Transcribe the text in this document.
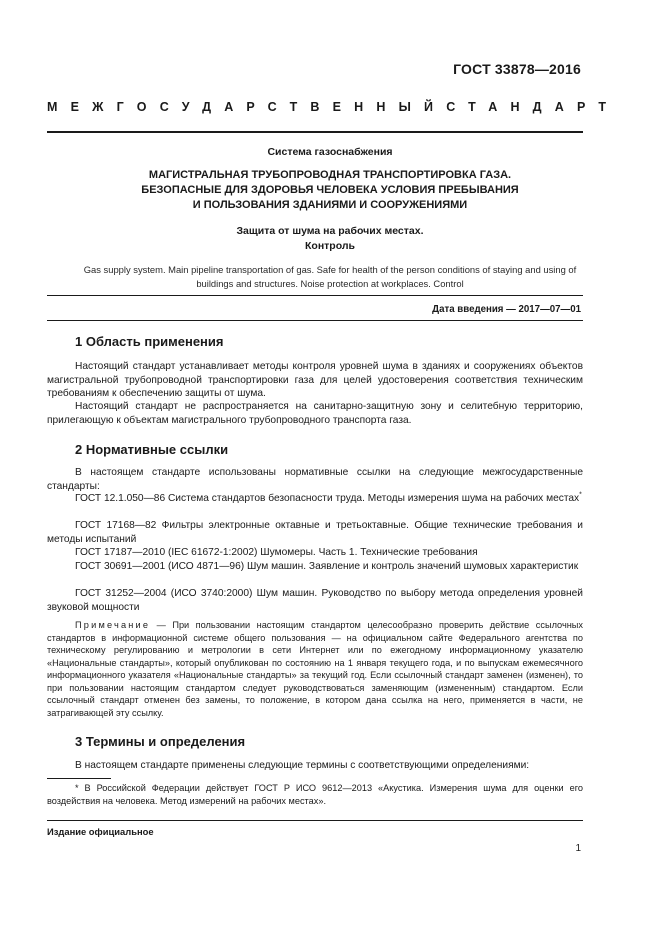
ГОСТ 33878—2016
МЕЖГОСУДАРСТВЕННЫЙ СТАНДАРТ
Система газоснабжения
МАГИСТРАЛЬНАЯ ТРУБОПРОВОДНАЯ ТРАНСПОРТИРОВКА ГАЗА.
БЕЗОПАСНЫЕ ДЛЯ ЗДОРОВЬЯ ЧЕЛОВЕКА УСЛОВИЯ ПРЕБЫВАНИЯ
И ПОЛЬЗОВАНИЯ ЗДАНИЯМИ И СООРУЖЕНИЯМИ
Защита от шума на рабочих местах.
Контроль
Gas supply system. Main pipeline transportation of gas. Safe for health of the person conditions of staying and using of
buildings and structures. Noise protection at workplaces. Control
Дата введения — 2017—07—01
1 Область применения
Настоящий стандарт устанавливает методы контроля уровней шума в зданиях и сооружениях объектов магистральной трубопроводной транспортировки газа для целей удостоверения соответствия техническим требованиям к обеспечению защиты от шума.
Настоящий стандарт не распространяется на санитарно-защитную зону и селитебную территорию, прилегающую к объектам магистрального трубопроводного транспорта газа.
2 Нормативные ссылки
В настоящем стандарте использованы нормативные ссылки на следующие межгосударственные стандарты:
ГОСТ 12.1.050—86 Система стандартов безопасности труда. Методы измерения шума на рабочих местах*
ГОСТ 17168—82 Фильтры электронные октавные и третьоктавные. Общие технические требования и методы испытаний
ГОСТ 17187—2010 (IEC 61672-1:2002) Шумомеры. Часть 1. Технические требования
ГОСТ 30691—2001 (ИСО 4871—96) Шум машин. Заявление и контроль значений шумовых характеристик
ГОСТ 31252—2004 (ИСО 3740:2000) Шум машин. Руководство по выбору метода определения уровней звуковой мощности
Примечание — При пользовании настоящим стандартом целесообразно проверить действие ссылочных стандартов в информационной системе общего пользования — на официальном сайте Федерального агентства по техническому регулированию и метрологии в сети Интернет или по ежегодному информационному указателю «Национальные стандарты», который опубликован по состоянию на 1 января текущего года, и по выпускам ежемесячного информационного указателя «Национальные стандарты» за текущий год. Если ссылочный стандарт заменен (изменен), то при пользовании настоящим стандартом следует руководствоваться заменяющим (измененным) стандартом. Если ссылочный стандарт отменен без замены, то положение, в котором дана ссылка на него, применяется в части, не затрагивающей эту ссылку.
3 Термины и определения
В настоящем стандарте применены следующие термины с соответствующими определениями:
* В Российской Федерации действует ГОСТ Р ИСО 9612—2013 «Акустика. Измерения шума для оценки его воздействия на человека. Метод измерений на рабочих местах».
Издание официальное
1
